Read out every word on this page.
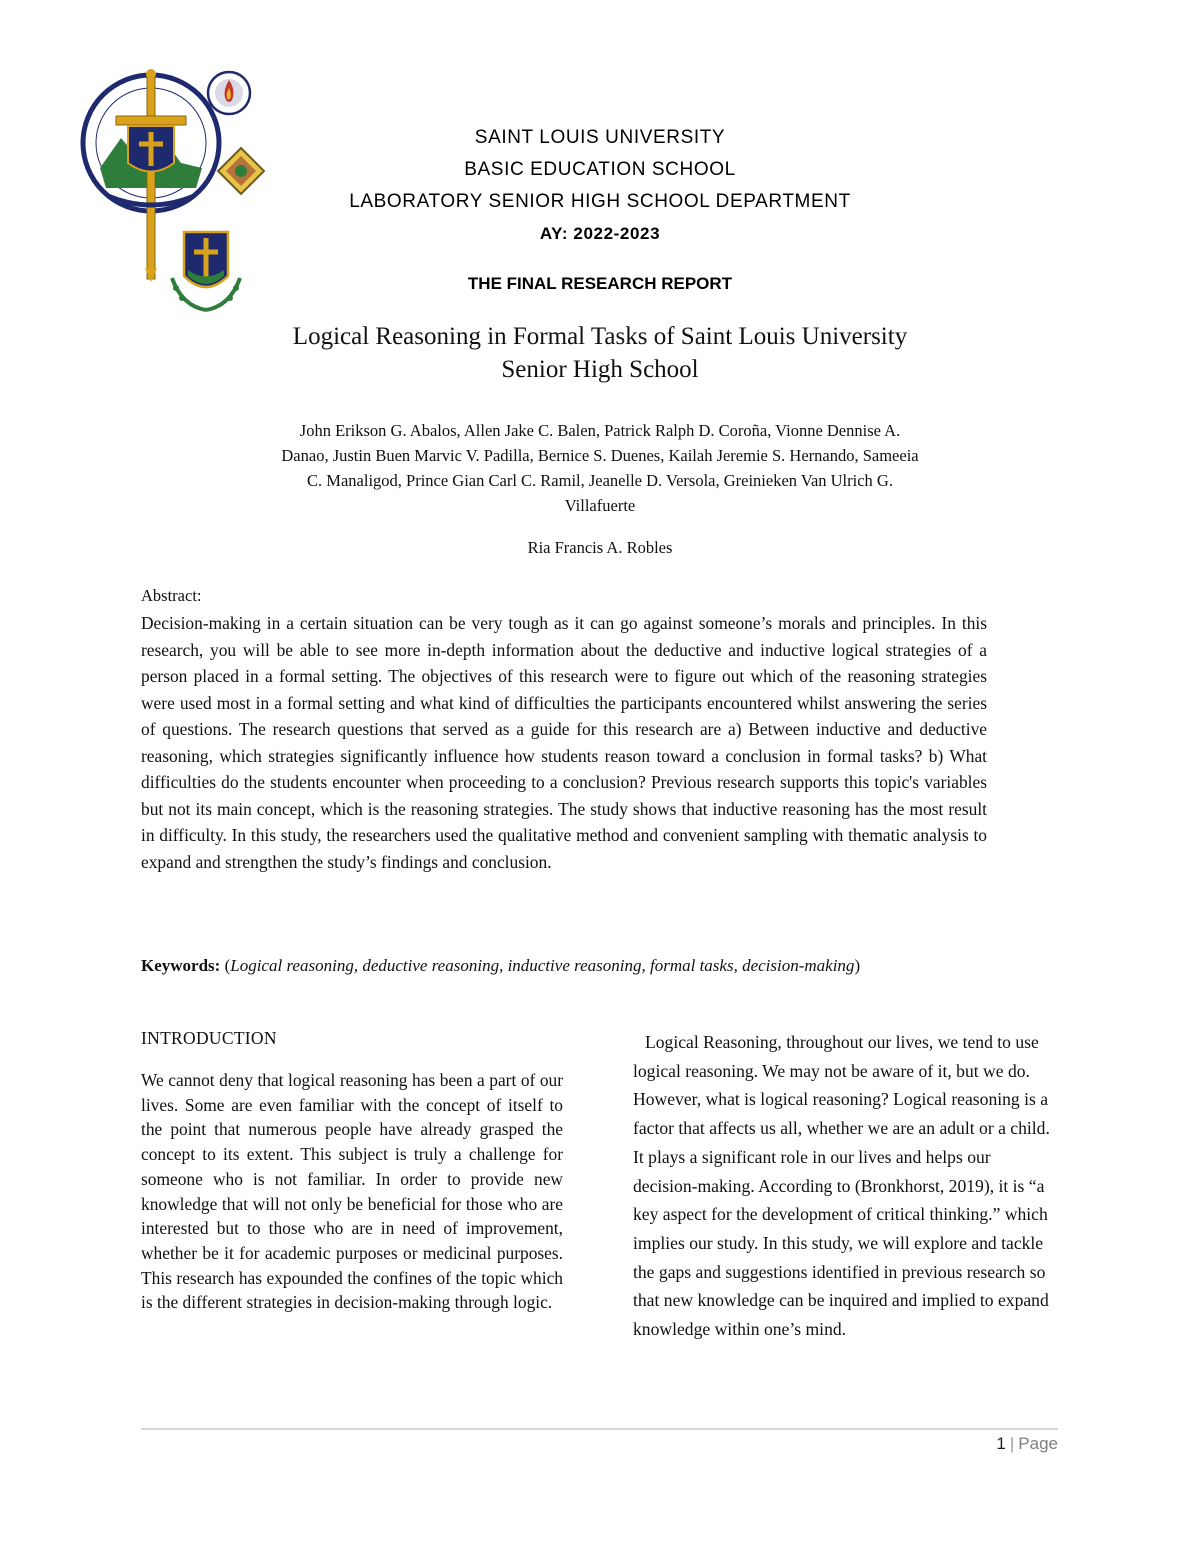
SAINT LOUIS UNIVERSITY
BASIC EDUCATION SCHOOL
LABORATORY SENIOR HIGH SCHOOL DEPARTMENT
AY: 2022-2023
THE FINAL RESEARCH REPORT
Logical Reasoning in Formal Tasks of Saint Louis University
Senior High School
John Erikson G. Abalos, Allen Jake C. Balen, Patrick Ralph D. Coroña, Vionne Dennise A.
Danao, Justin Buen Marvic V. Padilla, Bernice S. Duenes, Kailah Jeremie S. Hernando, Sameeia
C. Manaligod, Prince Gian Carl C. Ramil, Jeanelle D. Versola, Greinieken Van Ulrich G.
Villafuerte
Ria Francis A. Robles
Abstract:
Decision-making in a certain situation can be very tough as it can go against someone’s morals and principles. In this research, you will be able to see more in-depth information about the deductive and inductive logical strategies of a person placed in a formal setting. The objectives of this research were to figure out which of the reasoning strategies were used most in a formal setting and what kind of difficulties the participants encountered whilst answering the series of questions. The research questions that served as a guide for this research are a) Between inductive and deductive reasoning, which strategies significantly influence how students reason toward a conclusion in formal tasks? b) What difficulties do the students encounter when proceeding to a conclusion? Previous research supports this topic's variables but not its main concept, which is the reasoning strategies. The study shows that inductive reasoning has the most result in difficulty. In this study, the researchers used the qualitative method and convenient sampling with thematic analysis to expand and strengthen the study’s findings and conclusion.
Keywords: (Logical reasoning, deductive reasoning, inductive reasoning, formal tasks, decision-making)
INTRODUCTION
We cannot deny that logical reasoning has been a part of our lives. Some are even familiar with the concept of itself to the point that numerous people have already grasped the concept to its extent. This subject is truly a challenge for someone who is not familiar. In order to provide new knowledge that will not only be beneficial for those who are interested but to those who are in need of improvement, whether be it for academic purposes or medicinal purposes. This research has expounded the confines of the topic which is the different strategies in decision-making through logic.
Logical Reasoning, throughout our lives, we tend to use logical reasoning. We may not be aware of it, but we do. However, what is logical reasoning? Logical reasoning is a factor that affects us all, whether we are an adult or a child. It plays a significant role in our lives and helps our decision-making. According to (Bronkhorst, 2019), it is “a key aspect for the development of critical thinking.” which implies our study. In this study, we will explore and tackle the gaps and suggestions identified in previous research so that new knowledge can be inquired and implied to expand knowledge within one’s mind.
1 | Page
